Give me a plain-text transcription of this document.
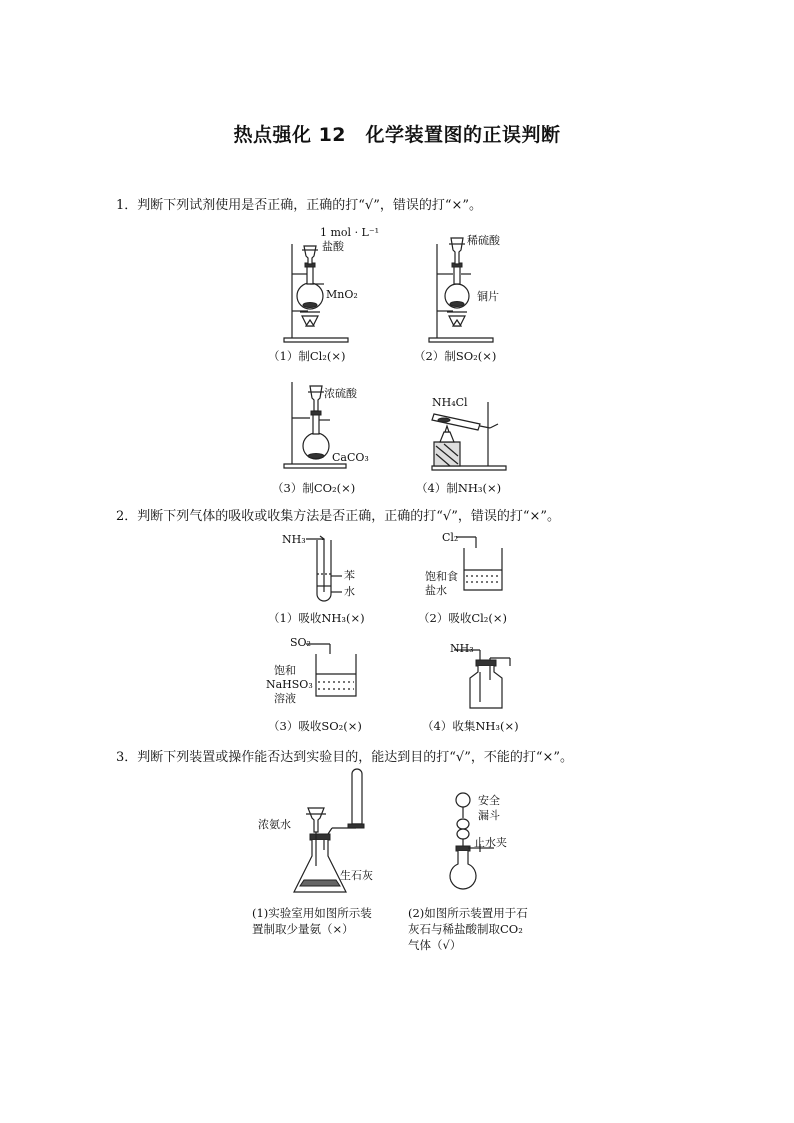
热点强化 12　化学装置图的正误判断
1．判断下列试剂使用是否正确，正确的打“√”，错误的打“×”。
1 mol · L⁻¹
盐酸
MnO₂
（1）制Cl₂(×)
稀硫酸
铜片
（2）制SO₂(×)
浓硫酸
CaCO₃
（3）制CO₂(×)
NH₄Cl
（4）制NH₃(×)
2．判断下列气体的吸收或收集方法是否正确，正确的打“√”，错误的打“×”。
NH₃
苯
水
（1）吸收NH₃(×)
Cl₂
饱和食
盐水
（2）吸收Cl₂(×)
SO₂
饱和
NaHSO₃
溶液
（3）吸收SO₂(×)
NH₃
（4）收集NH₃(×)
3．判断下列装置或操作能否达到实验目的，能达到目的打“√”，不能的打“×”。
浓氨水
生石灰
(1)实验室用如图所示装
置制取少量氨（×）
安全
漏斗
止水夹
(2)如图所示装置用于石
灰石与稀盐酸制取CO₂
气体（√）
